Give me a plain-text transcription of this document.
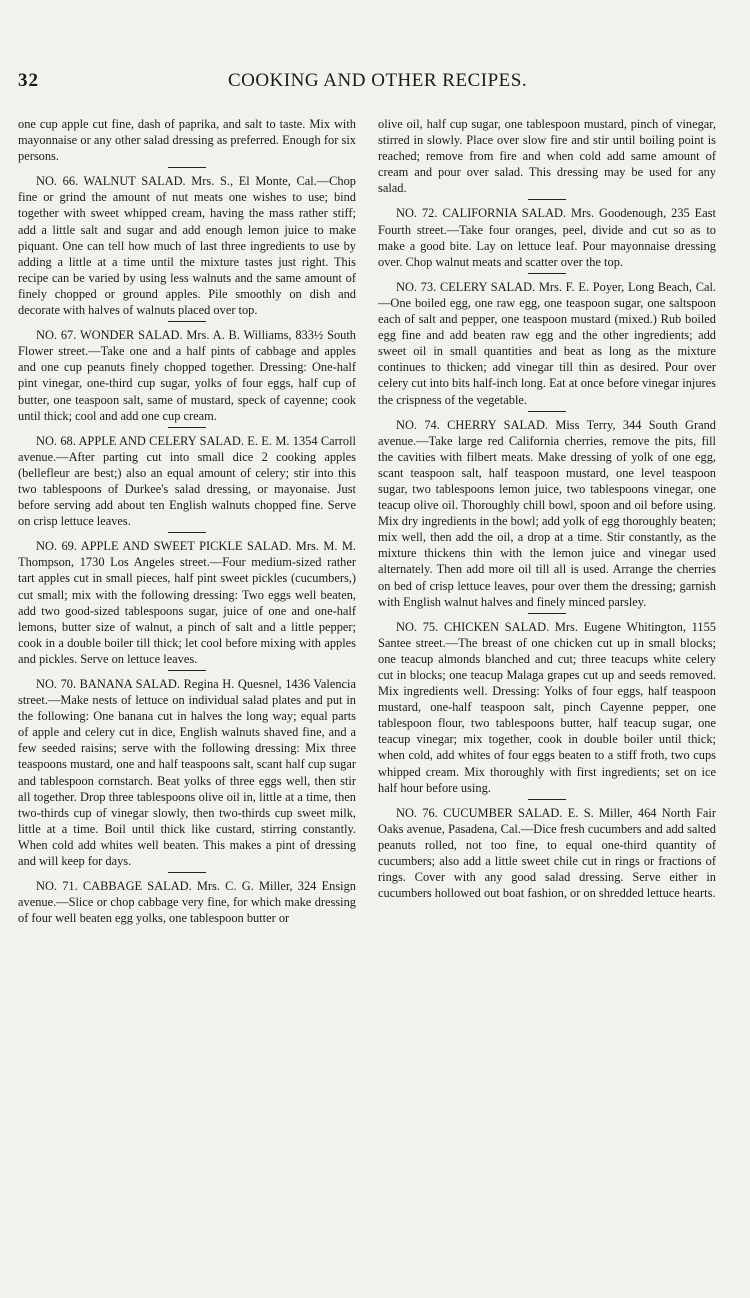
32	COOKING AND OTHER RECIPES.

one cup apple cut fine, dash of paprika, and salt to taste. Mix with mayonnaise or any other salad dressing as preferred. Enough for six persons.

NO. 66. WALNUT SALAD. Mrs. S., El Monte, Cal.—Chop fine or grind the amount of nut meats one wishes to use; bind together with sweet whipped cream, having the mass rather stiff; add a little salt and sugar and add enough lemon juice to make piquant. One can tell how much of last three ingredients to use by adding a little at a time until the mixture tastes just right. This recipe can be varied by using less walnuts and the same amount of finely chopped or ground apples. Pile smoothly on dish and decorate with halves of walnuts placed over top.

NO. 67. WONDER SALAD. Mrs. A. B. Williams, 833½ South Flower street.—Take one and a half pints of cabbage and apples and one cup peanuts finely chopped together. Dressing: One-half pint vinegar, one-third cup sugar, yolks of four eggs, half cup of butter, one teaspoon salt, same of mustard, speck of cayenne; cook until thick; cool and add one cup cream.

NO. 68. APPLE AND CELERY SALAD. E. E. M. 1354 Carroll avenue.—After parting cut into small dice 2 cooking apples (bellefleur are best;) also an equal amount of celery; stir into this two tablespoons of Durkee's salad dressing, or mayonaise. Just before serving add about ten English walnuts chopped fine. Serve on crisp lettuce leaves.

NO. 69. APPLE AND SWEET PICKLE SALAD. Mrs. M. M. Thompson, 1730 Los Angeles street.—Four medium-sized rather tart apples cut in small pieces, half pint sweet pickles (cucumbers,) cut small; mix with the following dressing: Two eggs well beaten, add two good-sized tablespoons sugar, juice of one and one-half lemons, butter size of walnut, a pinch of salt and a little pepper; cook in a double boiler till thick; let cool before mixing with apples and pickles. Serve on lettuce leaves.

NO. 70. BANANA SALAD. Regina H. Quesnel, 1436 Valencia street.—Make nests of lettuce on individual salad plates and put in the following: One banana cut in halves the long way; equal parts of apple and celery cut in dice, English walnuts shaved fine, and a few seeded raisins; serve with the following dressing: Mix three teaspoons mustard, one and half teaspoons salt, scant half cup sugar and tablespoon cornstarch. Beat yolks of three eggs well, then stir all together. Drop three tablespoons olive oil in, little at a time, then two-thirds cup of vinegar slowly, then two-thirds cup sweet milk, little at a time. Boil until thick like custard, stirring constantly. When cold add whites well beaten. This makes a pint of dressing and will keep for days.

NO. 71. CABBAGE SALAD. Mrs. C. G. Miller, 324 Ensign avenue.—Slice or chop cabbage very fine, for which make dressing of four well beaten egg yolks, one tablespoon butter or

olive oil, half cup sugar, one tablespoon mustard, pinch of vinegar, stirred in slowly. Place over slow fire and stir until boiling point is reached; remove from fire and when cold add same amount of cream and pour over salad. This dressing may be used for any salad.

NO. 72. CALIFORNIA SALAD. Mrs. Goodenough, 235 East Fourth street.—Take four oranges, peel, divide and cut so as to make a good bite. Lay on lettuce leaf. Pour mayonnaise dressing over. Chop walnut meats and scatter over the top.

NO. 73. CELERY SALAD. Mrs. F. E. Poyer, Long Beach, Cal.—One boiled egg, one raw egg, one teaspoon sugar, one saltspoon each of salt and pepper, one teaspoon mustard (mixed.) Rub boiled egg fine and add beaten raw egg and the other ingredients; add sweet oil in small quantities and beat as long as the mixture continues to thicken; add vinegar till thin as desired. Pour over celery cut into bits half-inch long. Eat at once before vinegar injures the crispness of the vegetable.

NO. 74. CHERRY SALAD. Miss Terry, 344 South Grand avenue.—Take large red California cherries, remove the pits, fill the cavities with filbert meats. Make dressing of yolk of one egg, scant teaspoon salt, half teaspoon mustard, one level teaspoon sugar, two tablespoons lemon juice, two tablespoons vinegar, one teacup olive oil. Thoroughly chill bowl, spoon and oil before using. Mix dry ingredients in the bowl; add yolk of egg thoroughly beaten; mix well, then add the oil, a drop at a time. Stir constantly, as the mixture thickens thin with the lemon juice and vinegar used alternately. Then add more oil till all is used. Arrange the cherries on bed of crisp lettuce leaves, pour over them the dressing; garnish with English walnut halves and finely minced parsley.

NO. 75. CHICKEN SALAD. Mrs. Eugene Whitington, 1155 Santee street.—The breast of one chicken cut up in small blocks; one teacup almonds blanched and cut; three teacups white celery cut in blocks; one teacup Malaga grapes cut up and seeds removed. Mix ingredients well. Dressing: Yolks of four eggs, half teaspoon mustard, one-half teaspoon salt, pinch Cayenne pepper, one tablespoon flour, two tablespoons butter, half teacup sugar, one teacup vinegar; mix together, cook in double boiler until thick; when cold, add whites of four eggs beaten to a stiff froth, two cups whipped cream. Mix thoroughly with first ingredients; set on ice half hour before using.

NO. 76. CUCUMBER SALAD. E. S. Miller, 464 North Fair Oaks avenue, Pasadena, Cal.—Dice fresh cucumbers and add salted peanuts rolled, not too fine, to equal one-third quantity of cucumbers; also add a little sweet chile cut in rings or fractions of rings. Cover with any good salad dressing. Serve either in cucumbers hollowed out boat fashion, or on shredded lettuce hearts.
